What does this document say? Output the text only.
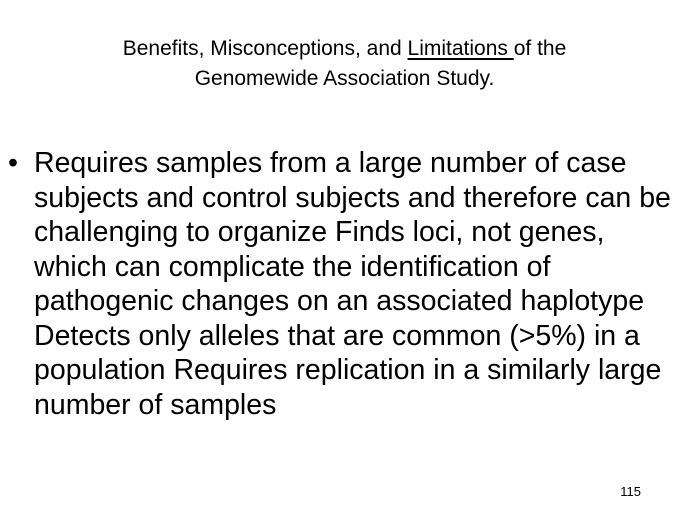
Benefits, Misconceptions, and Limitations of the
Genomewide Association Study.
• Requires samples from a large number of case subjects and control subjects and therefore can be challenging to organize Finds loci, not genes, which can complicate the identification of pathogenic changes on an associated haplotype Detects only alleles that are common (>5%) in a population Requires replication in a similarly large number of samples
115
